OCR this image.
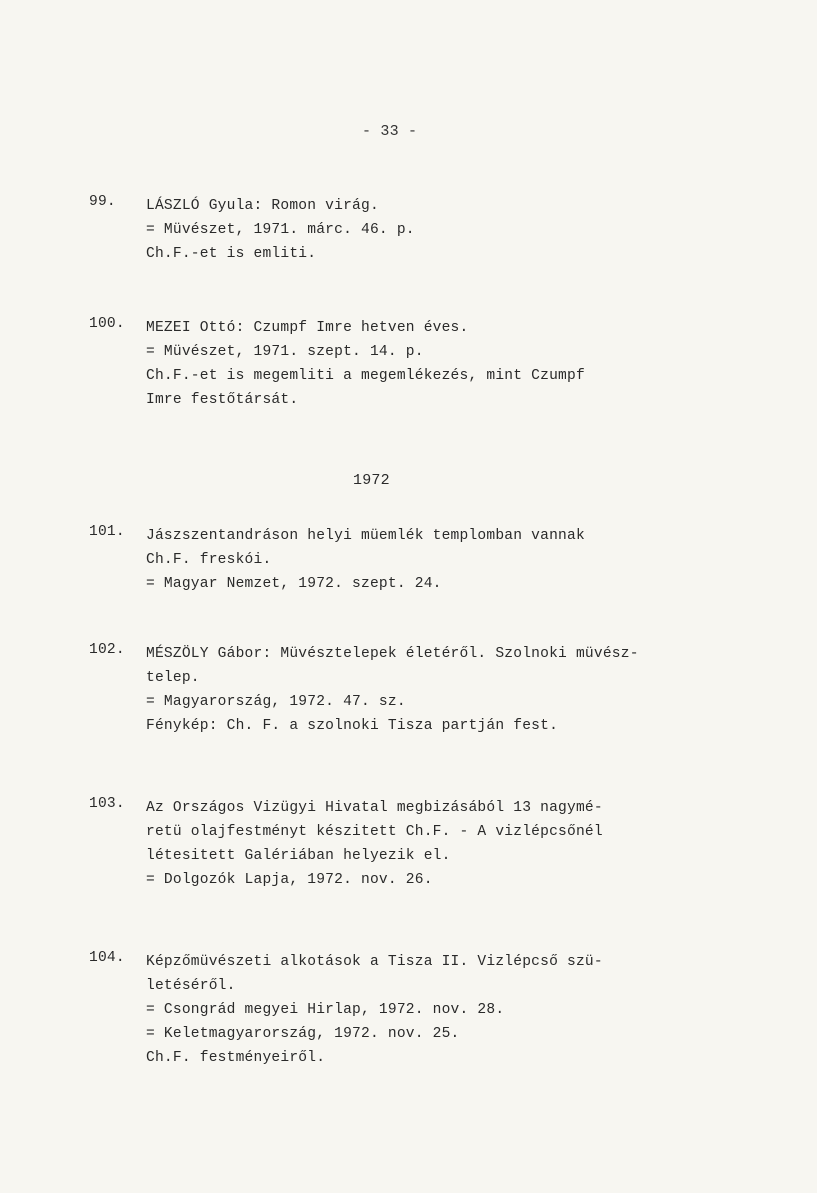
- 33 -
99. LÁSZLÓ Gyula: Romon virág.
= Müvészet, 1971. márc. 46. p.
Ch.F.-et is emliti.
100. MEZEI Ottó: Czumpf Imre hetven éves.
= Müvészet, 1971. szept. 14. p.
Ch.F.-et is megemliti a megemlékezés, mint Czumpf
Imre festőtársát.
1972
101. Jászszentandráson helyi müemlék templomban vannak
Ch.F. freskói.
= Magyar Nemzet, 1972. szept. 24.
102. MÉSZÖLY Gábor: Müvésztelepek életéről. Szolnoki müvész-
telep.
= Magyarország, 1972. 47. sz.
Fénykép: Ch. F. a szolnoki Tisza partján fest.
103. Az Országos Vizügyi Hivatal megbizásából 13 nagymé-
retü olajfestményt készitett Ch.F. - A vizlépcsőnél
létesitett Galériában helyezik el.
= Dolgozók Lapja, 1972. nov. 26.
104. Képzőmüvészeti alkotások a Tisza II. Vizlépcső szü-
letéséről.
= Csongrád megyei Hirlap, 1972. nov. 28.
= Keletmagyarország, 1972. nov. 25.
Ch.F. festményeiről.
